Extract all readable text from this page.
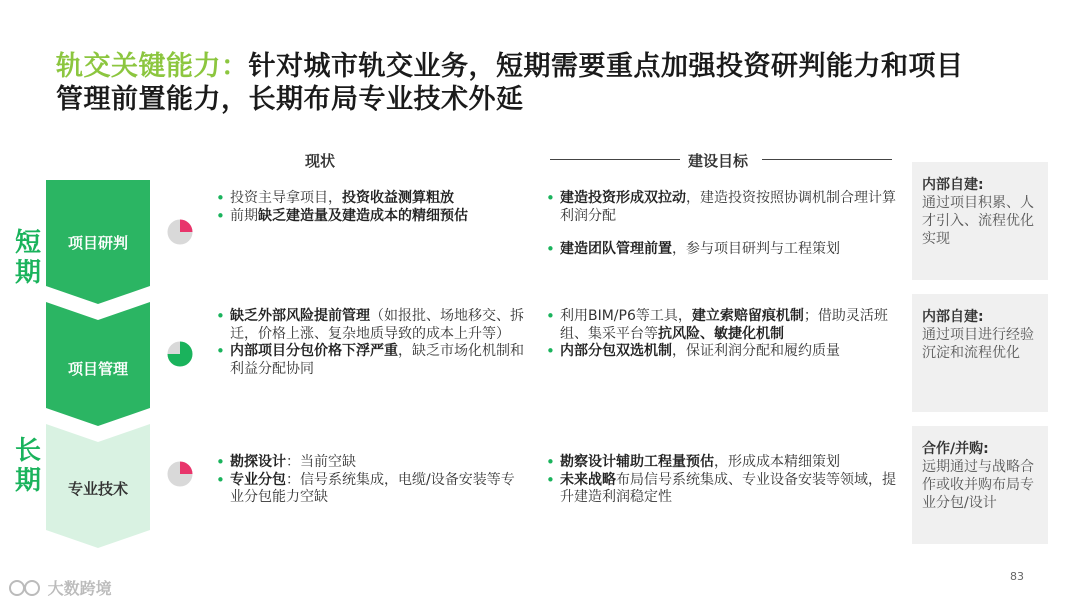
轨交关键能力：针对城市轨交业务，短期需要重点加强投资研判能力和项目
管理前置能力，长期布局专业技术外延
现状	建设目标
短
期
长
期
项目研判
项目管理
专业技术
• 投资主导拿项目，投资收益测算粗放
• 前期缺乏建造量及建造成本的精细预估
• 建造投资形成双拉动，建造投资按照协调机制合理计算利润分配
• 建造团队管理前置，参与项目研判与工程策划
• 缺乏外部风险提前管理（如报批、场地移交、拆迁，价格上涨、复杂地质导致的成本上升等）
• 内部项目分包价格下浮严重，缺乏市场化机制和利益分配协同
• 利用BIM/P6等工具，建立索赔留痕机制；借助灵活班组、集采平台等抗风险、敏捷化机制
• 内部分包双选机制，保证利润分配和履约质量
• 勘探设计：当前空缺
• 专业分包：信号系统集成，电缆/设备安装等专业分包能力空缺
• 勘察设计辅助工程量预估，形成成本精细策划
• 未来战略布局信号系统集成、专业设备安装等领域，提升建造利润稳定性
内部自建:
通过项目积累、人才引入、流程优化实现
内部自建:
通过项目进行经验沉淀和流程优化
合作/并购:
远期通过与战略合作或收并购布局专业分包/设计
83
大数跨境
